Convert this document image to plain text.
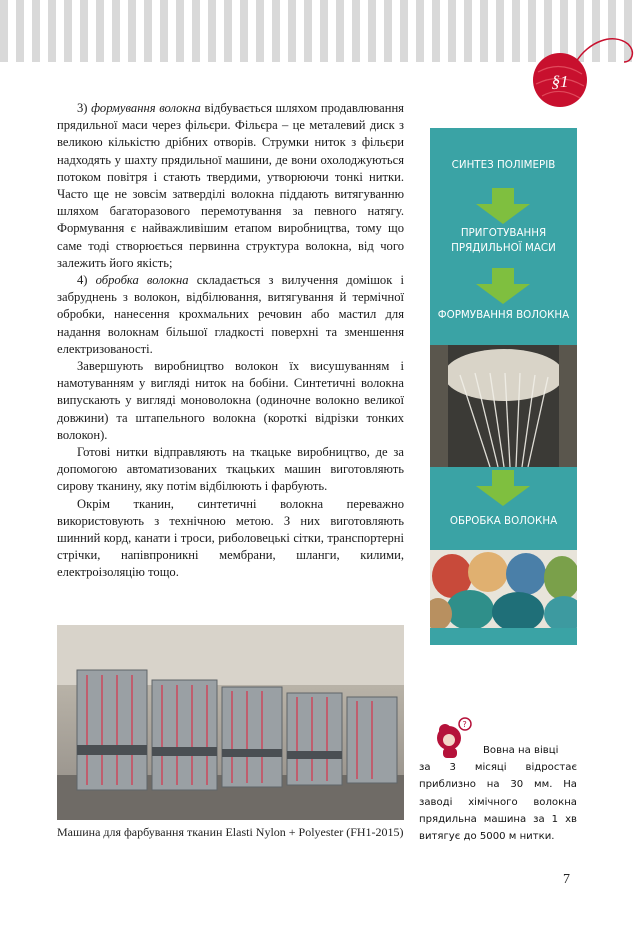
§1

3) формування волокна відбувається шляхом продавлювання прядильної маси через фільєри. Фільєра – це металевий диск з великою кількістю дрібних отворів. Струмки ниток з фільєри надходять у шахту прядильної машини, де вони охолоджуються потоком повітря і стають твердими, утворюючи тонкі нитки. Часто ще не зовсім затверділі волокна піддають витягуванню шляхом багаторазового перемотування за певного натягу. Формування є найважливішим етапом виробництва, тому що саме тоді створюється первинна структура волокна, від чого залежить його якість;

4) обробка волокна складається з вилучення домішок і забруднень з волокон, відбілювання, витягування й термічної обробки, нанесення крохмальних речовин або мастил для надання волокнам більшої гладкості поверхні та зменшення електризованості.

Завершують виробництво волокон їх висушуванням і намотуванням у вигляді ниток на бобіни. Синтетичні волокна випускають у вигляді моноволокна (одиночне волокно великої довжини) та штапельного волокна (короткі відрізки тонких волокон).

Готові нитки відправляють на ткацьке виробництво, де за допомогою автоматизованих ткацьких машин виготовляють сирову тканину, яку потім відбілюють і фарбують.

Окрім тканин, синтетичні волокна переважно використовують з технічною метою. З них виготовляють шинний корд, канати і троси, риболовецькі сітки, транспортерні стрічки, напівпроникні мембрани, шланги, килими, електроізоляцію тощо.

Машина для фарбування тканин Elasti Nylon + Polyester (FH1-2015)
СИНТЕЗ ПОЛІМЕРІВ
ПРИГОТУВАННЯ ПРЯДИЛЬНОЇ МАСИ
ФОРМУВАННЯ ВОЛОКНА
ОБРОБКА ВОЛОКНА
?
Вовна на вівці
за 3 місяці відростає приблизно на 30 мм. На заводі хімічного волокна прядильна машина за 1 хв витягує до 5000 м нитки.
7
